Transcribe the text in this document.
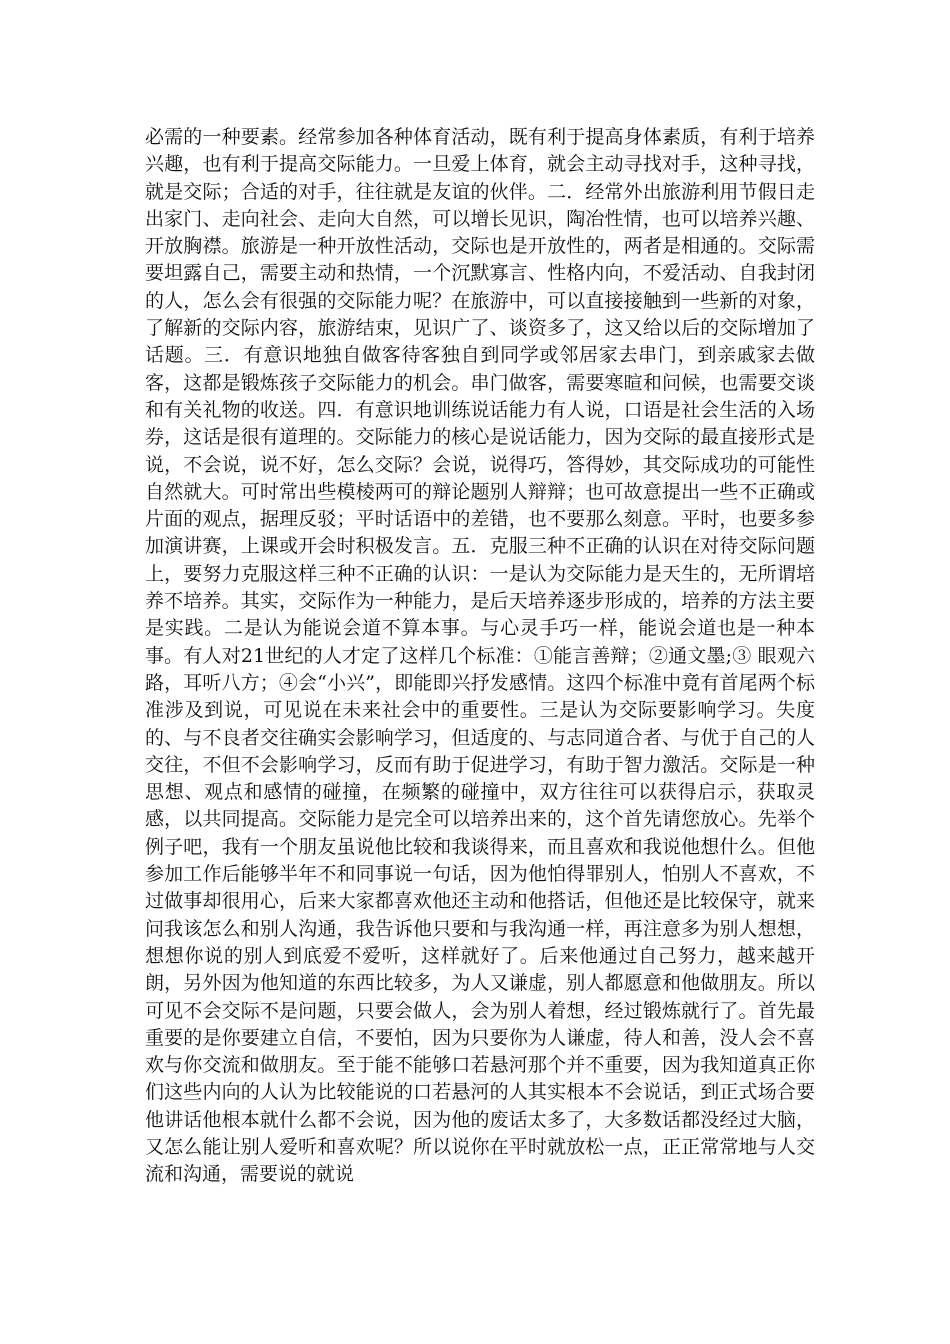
必需的一种要素。经常参加各种体育活动，既有利于提高身体素质，有利于培养兴趣，也有利于提高交际能力。一旦爱上体育，就会主动寻找对手，这种寻找，就是交际；合适的对手，往往就是友谊的伙伴。二．经常外出旅游利用节假日走出家门、走向社会、走向大自然，可以增长见识，陶冶性情，也可以培养兴趣、开放胸襟。旅游是一种开放性活动，交际也是开放性的，两者是相通的。交际需要坦露自己，需要主动和热情，一个沉默寡言、性格内向，不爱活动、自我封闭的人，怎么会有很强的交际能力呢？在旅游中，可以直接接触到一些新的对象，了解新的交际内容，旅游结束，见识广了、谈资多了，这又给以后的交际增加了话题。三．有意识地独自做客待客独自到同学或邻居家去串门，到亲戚家去做客，这都是锻炼孩子交际能力的机会。串门做客，需要寒暄和问候，也需要交谈和有关礼物的收送。四．有意识地训练说话能力有人说，口语是社会生活的入场券，这话是很有道理的。交际能力的核心是说话能力，因为交际的最直接形式是说，不会说，说不好，怎么交际？会说，说得巧，答得妙，其交际成功的可能性自然就大。可时常出些模棱两可的辩论题别人辩辩；也可故意提出一些不正确或片面的观点，据理反驳；平时话语中的差错，也不要那么刻意。平时，也要多参加演讲赛，上课或开会时积极发言。五．克服三种不正确的认识在对待交际问题上，要努力克服这样三种不正确的认识：一是认为交际能力是天生的，无所谓培养不培养。其实，交际作为一种能力，是后天培养逐步形成的，培养的方法主要是实践。二是认为能说会道不算本事。与心灵手巧一样，能说会道也是一种本事。有人对21世纪的人才定了这样几个标准：①能言善辩；②通文墨;③ 眼观六路，耳听八方；④会“小兴”，即能即兴抒发感情。这四个标准中竟有首尾两个标准涉及到说，可见说在未来社会中的重要性。三是认为交际要影响学习。失度的、与不良者交往确实会影响学习，但适度的、与志同道合者、与优于自己的人交往，不但不会影响学习，反而有助于促进学习，有助于智力激活。交际是一种思想、观点和感情的碰撞，在频繁的碰撞中，双方往往可以获得启示，获取灵感，以共同提高。交际能力是完全可以培养出来的，这个首先请您放心。先举个例子吧，我有一个朋友虽说他比较和我谈得来，而且喜欢和我说他想什么。但他参加工作后能够半年不和同事说一句话，因为他怕得罪别人，怕别人不喜欢，不过做事却很用心，后来大家都喜欢他还主动和他搭话，但他还是比较保守，就来问我该怎么和别人沟通，我告诉他只要和与我沟通一样，再注意多为别人想想，想想你说的别人到底爱不爱听，这样就好了。后来他通过自己努力，越来越开朗，另外因为他知道的东西比较多，为人又谦虚，别人都愿意和他做朋友。所以可见不会交际不是问题，只要会做人，会为别人着想，经过锻炼就行了。首先最重要的是你要建立自信，不要怕，因为只要你为人谦虚，待人和善，没人会不喜欢与你交流和做朋友。至于能不能够口若悬河那个并不重要，因为我知道真正你们这些内向的人认为比较能说的口若悬河的人其实根本不会说话，到正式场合要他讲话他根本就什么都不会说，因为他的废话太多了，大多数话都没经过大脑，又怎么能让别人爱听和喜欢呢？所以说你在平时就放松一点，正正常常地与人交流和沟通，需要说的就说
